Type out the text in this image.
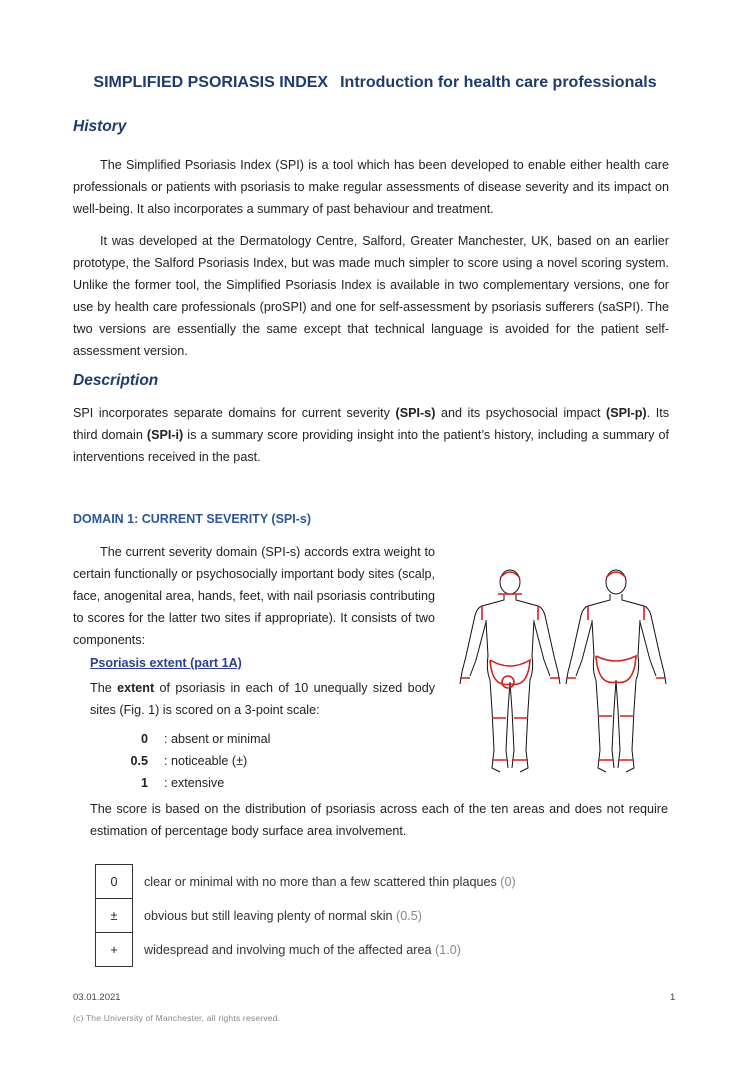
SIMPLIFIED PSORIASIS INDEX Introduction for health care professionals
History

The Simplified Psoriasis Index (SPI) is a tool which has been developed to enable either health care professionals or patients with psoriasis to make regular assessments of disease severity and its impact on well-being. It also incorporates a summary of past behaviour and treatment.

It was developed at the Dermatology Centre, Salford, Greater Manchester, UK, based on an earlier prototype, the Salford Psoriasis Index, but was made much simpler to score using a novel scoring system. Unlike the former tool, the Simplified Psoriasis Index is available in two complementary versions, one for use by health care professionals (proSPI) and one for self-assessment by psoriasis sufferers (saSPI). The two versions are essentially the same except that technical language is avoided for the patient self-assessment version.

Description

SPI incorporates separate domains for current severity (SPI-s) and its psychosocial impact (SPI-p). Its third domain (SPI-i) is a summary score providing insight into the patient’s history, including a summary of interventions received in the past.

DOMAIN 1: CURRENT SEVERITY (SPI-s)

The current severity domain (SPI-s) accords extra weight to certain functionally or psychosocially important body sites (scalp, face, anogenital area, hands, feet, with nail psoriasis contributing to scores for the latter two sites if appropriate). It consists of two components:

Psoriasis extent (part 1A)

The extent of psoriasis in each of 10 unequally sized body sites (Fig. 1) is scored on a 3-point scale:

0 : absent or minimal
0.5 : noticeable (±)
1 : extensive

The score is based on the distribution of psoriasis across each of the ten areas and does not require estimation of percentage body surface area involvement.

0	clear or minimal with no more than a few scattered thin plaques (0)
±	obvious but still leaving plenty of normal skin (0.5)
+	widespread and involving much of the affected area (1.0)
03.01.2021	1
(c) The University of Manchester, all rights reserved.
